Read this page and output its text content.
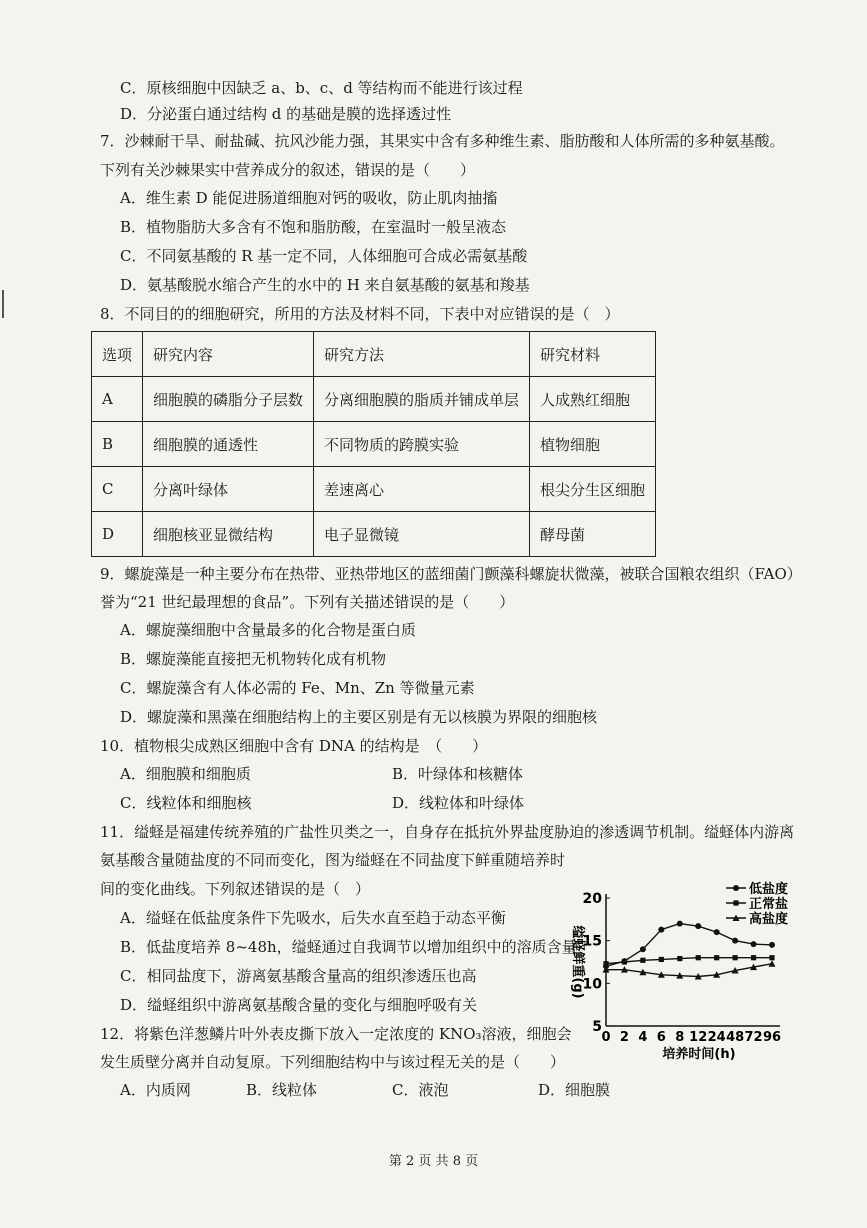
C．原核细胞中因缺乏 a、b、c、d 等结构而不能进行该过程
D．分泌蛋白通过结构 d 的基础是膜的选择透过性
7．沙棘耐干旱、耐盐碱、抗风沙能力强，其果实中含有多种维生素、脂肪酸和人体所需的多种氨基酸。
下列有关沙棘果实中营养成分的叙述，错误的是（　　）
A．维生素 D 能促进肠道细胞对钙的吸收，防止肌肉抽搐
B．植物脂肪大多含有不饱和脂肪酸，在室温时一般呈液态
C．不同氨基酸的 R 基一定不同，人体细胞可合成必需氨基酸
D．氨基酸脱水缩合产生的水中的 H 来自氨基酸的氨基和羧基
8．不同目的的细胞研究，所用的方法及材料不同，下表中对应错误的是（　）
选项	研究内容	研究方法	研究材料
A	细胞膜的磷脂分子层数	分离细胞膜的脂质并铺成单层	人成熟红细胞
B	细胞膜的通透性	不同物质的跨膜实验	植物细胞
C	分离叶绿体	差速离心	根尖分生区细胞
D	细胞核亚显微结构	电子显微镜	酵母菌
9．螺旋藻是一种主要分布在热带、亚热带地区的蓝细菌门颤藻科螺旋状微藻，被联合国粮农组织（FAO）
誉为“21 世纪最理想的食品”。下列有关描述错误的是（　　）
A．螺旋藻细胞中含量最多的化合物是蛋白质
B．螺旋藻能直接把无机物转化成有机物
C．螺旋藻含有人体必需的 Fe、Mn、Zn 等微量元素
D．螺旋藻和黑藻在细胞结构上的主要区别是有无以核膜为界限的细胞核
10．植物根尖成熟区细胞中含有 DNA 的结构是　（　　）
A．细胞膜和细胞质	B．叶绿体和核糖体
C．线粒体和细胞核	D．线粒体和叶绿体
11．缢蛏是福建传统养殖的广盐性贝类之一，自身存在抵抗外界盐度胁迫的渗透调节机制。缢蛏体内游离
氨基酸含量随盐度的不同而变化，图为缢蛏在不同盐度下鲜重随培养时
间的变化曲线。下列叙述错误的是（　）
A．缢蛏在低盐度条件下先吸水，后失水直至趋于动态平衡
B．低盐度培养 8~48h，缢蛏通过自我调节以增加组织中的溶质含量
C．相同盐度下，游离氨基酸含量高的组织渗透压也高
D．缢蛏组织中游离氨基酸含量的变化与细胞呼吸有关
12．将紫色洋葱鳞片叶外表皮撕下放入一定浓度的 KNO₃溶液，细胞会
发生质壁分离并自动复原。下列细胞结构中与该过程无关的是（　　）
A．内质网	B．线粒体	C．液泡	D．细胞膜
5
10
15
20
0 2 4 6 8 12 24 48 72 96
培养时间(h)
缢蛏鲜重(g)
低盐度
正常盐
高盐度
第 2 页 共 8 页
